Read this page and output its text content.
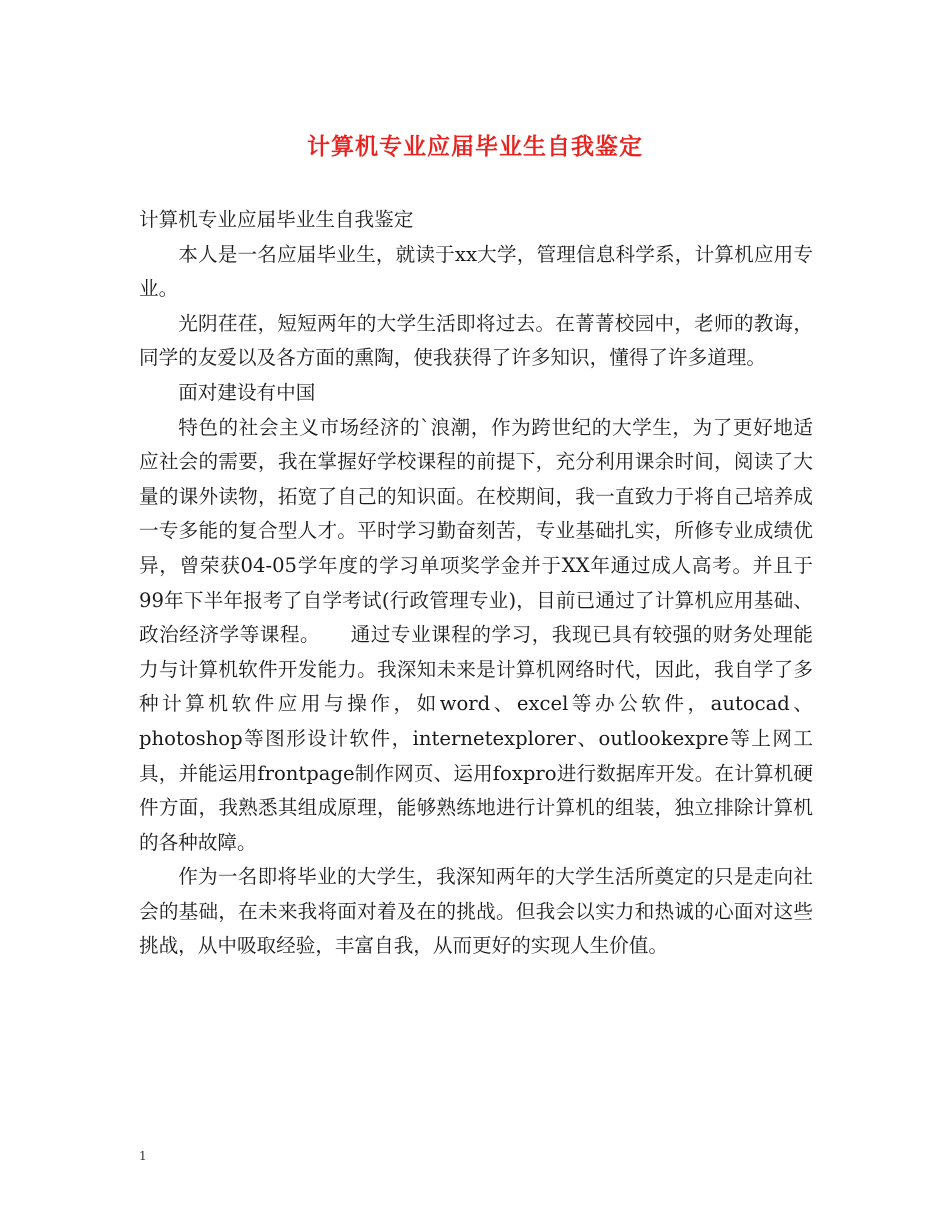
计算机专业应届毕业生自我鉴定

计算机专业应届毕业生自我鉴定

本人是一名应届毕业生，就读于xx大学，管理信息科学系，计算机应用专业。

光阴荏荏，短短两年的大学生活即将过去。在菁菁校园中，老师的教诲，同学的友爱以及各方面的熏陶，使我获得了许多知识，懂得了许多道理。

面对建设有中国

特色的社会主义市场经济的`浪潮，作为跨世纪的大学生，为了更好地适应社会的需要，我在掌握好学校课程的前提下，充分利用课余时间，阅读了大量的课外读物，拓宽了自己的知识面。在校期间，我一直致力于将自己培养成一专多能的复合型人才。平时学习勤奋刻苦，专业基础扎实，所修专业成绩优异，曾荣获04-05学年度的学习单项奖学金并于XX年通过成人高考。并且于99年下半年报考了自学考试(行政管理专业)，目前已通过了计算机应用基础、政治经济学等课程。　　通过专业课程的学习，我现已具有较强的财务处理能力与计算机软件开发能力。我深知未来是计算机网络时代，因此，我自学了多种计算机软件应用与操作，如word、excel等办公软件，autocad、photoshop等图形设计软件，internetexplorer、outlookexpre等上网工具，并能运用frontpage制作网页、运用foxpro进行数据库开发。在计算机硬件方面，我熟悉其组成原理，能够熟练地进行计算机的组装，独立排除计算机的各种故障。

作为一名即将毕业的大学生，我深知两年的大学生活所奠定的只是走向社会的基础，在未来我将面对着及在的挑战。但我会以实力和热诚的心面对这些挑战，从中吸取经验，丰富自我，从而更好的实现人生价值。

1
